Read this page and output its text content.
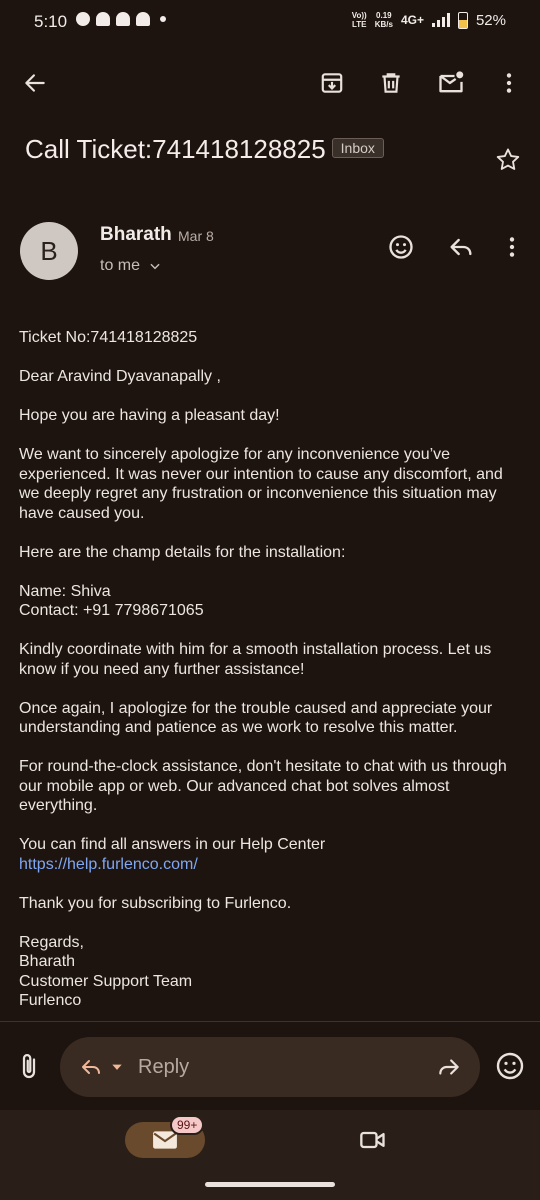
5:10	Vo))
LTE
0.19
KB/s 4G+	52%
Call Ticket:741418128825 Inbox
B
Bharath Mar 8
to me

Ticket No:741418128825

Dear Aravind Dyavanapally ,

Hope you are having a pleasant day!

We want to sincerely apologize for any inconvenience you’ve experienced. It was never our intention to cause any discomfort, and we deeply regret any frustration or inconvenience this situation may have caused you.

Here are the champ details for the installation:

Name: Shiva

Contact: +91 7798671065

Kindly coordinate with him for a smooth installation process. Let us know if you need any further assistance!

Once again, I apologize for the trouble caused and appreciate your understanding and patience as we work to resolve this matter.

For round-the-clock assistance, don't hesitate to chat with us through our mobile app or web. Our advanced chat bot solves almost everything.

You can find all answers in our Help Center

https://help.furlenco.com/

Thank you for subscribing to Furlenco.

Regards,

Bharath

Customer Support Team

Furlenco

Reply
99+
